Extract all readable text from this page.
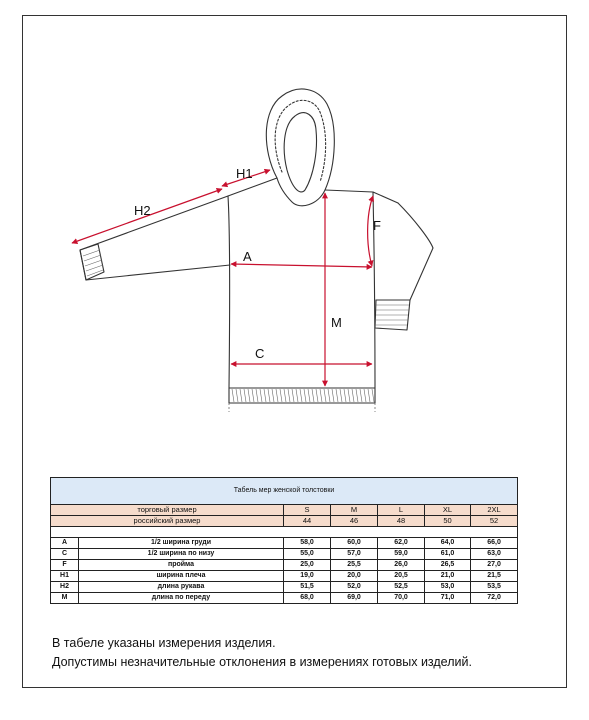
H1
H2
A
F
M
C
Табель мер женской толстовки						
торговый размер		S	M	L	XL	2XL
российский размер		44	46	48	50	52

A	1/2 ширина груди	58,0	60,0	62,0	64,0	66,0
C	1/2 ширина по низу	55,0	57,0	59,0	61,0	63,0
F	пройма	25,0	25,5	26,0	26,5	27,0
H1	ширина плеча	19,0	20,0	20,5	21,0	21,5
H2	длина рукава	51,5	52,0	52,5	53,0	53,5
M	длина по переду	68,0	69,0	70,0	71,0	72,0
В табеле указаны измерения изделия.
Допустимы незначительные отклонения в измерениях готовых изделий.
